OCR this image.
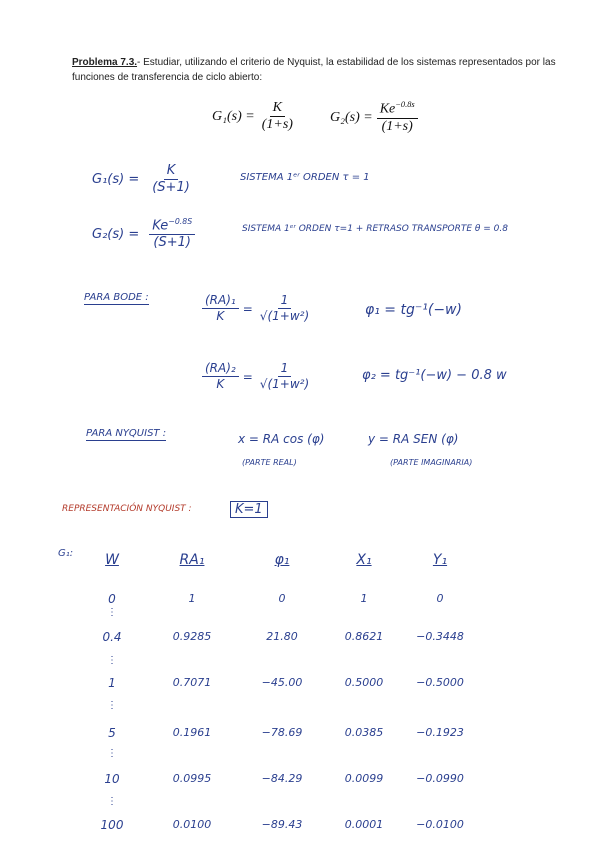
Problema 7.3.- Estudiar, utilizando el criterio de Nyquist, la estabilidad de los sistemas representados por las
funciones de transferencia de ciclo abierto:
$G_1(s) = \frac{K}{(1+s)} G_2(s) = \frac{Ke^{-0.8s}}{(1+s)}$
$G_1(s) = \frac{K}{(S+1)}$	SISTEMA 1ᵉʳ ORDEN τ = 1
$G_2(s) = \frac{Ke^{-0.8S}}{(S+1)}$	SISTEMA 1ᵉʳ ORDEN τ=1 + RETRASO TRANSPORTE θ = 0.8
PARA BODE :	$\frac{\text{(RA)₁}}{K} = \frac{1}{\text{√(1+w²)}}$	φ₁ = tg⁻¹(−w)
$\frac{\text{(RA)₂}}{K} = \frac{1}{\text{√(1+w²)}}$	φ₂ = tg⁻¹(−w) − 0.8 w
PARA NYQUIST :	x = RA cos (φ)
(PARTE REAL)
y = RA SEN (φ)
(PARTE IMAGINARIA)
REPRESENTACIÓN NYQUIST :	K=1
G₁:	W	RA₁	φ₁	X₁	Y₁
0	1	0	1	0
0.4	0.9285	21.80	0.8621	−0.3448
1	0.7071	−45.00	0.5000	−0.5000
5	0.1961	−78.69	0.0385	−0.1923
10	0.0995	−84.29	0.0099	−0.0990
100	0.0100	−89.43	0.0001	−0.0100
⋮
⋮
⋮
⋮
⋮
